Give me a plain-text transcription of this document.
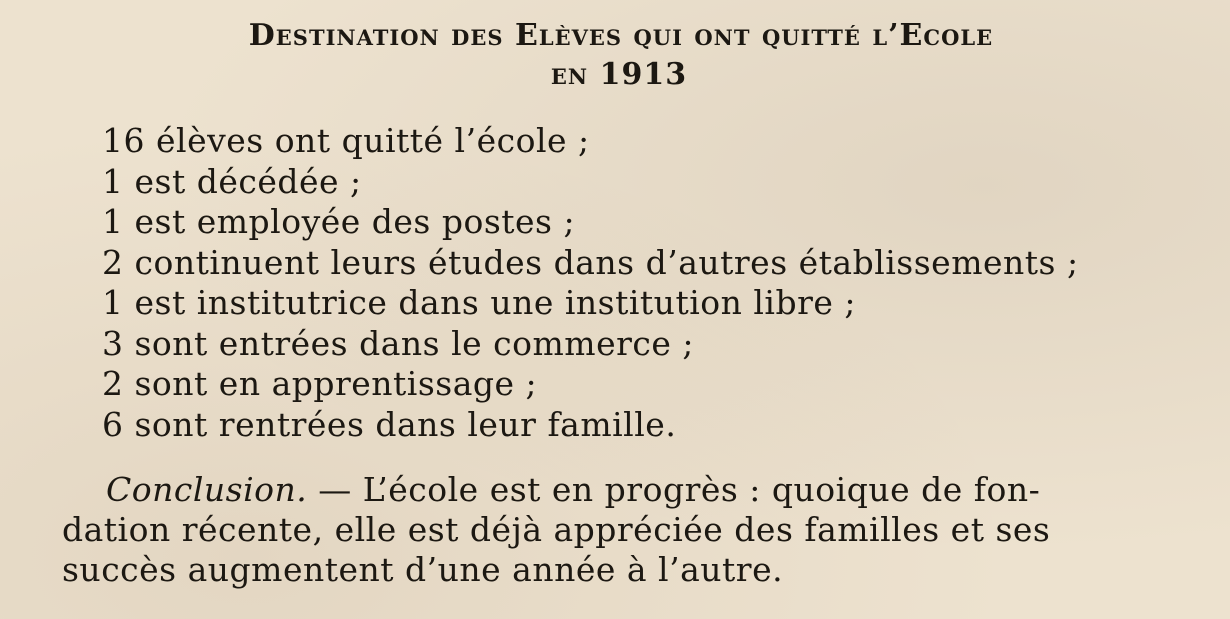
Destination des Elèves qui ont quitté l’Ecole
en 1913
16 élèves ont quitté l’école ;
1 est décédée ;
1 est employée des postes ;
2 continuent leurs études dans d’autres établissements ;
1 est institutrice dans une institution libre ;
3 sont entrées dans le commerce ;
2 sont en apprentissage ;
6 sont rentrées dans leur famille.

Conclusion. — L’école est en progrès : quoique de fon-
dation récente, elle est déjà appréciée des familles et ses
succès augmentent d’une année à l’autre.
